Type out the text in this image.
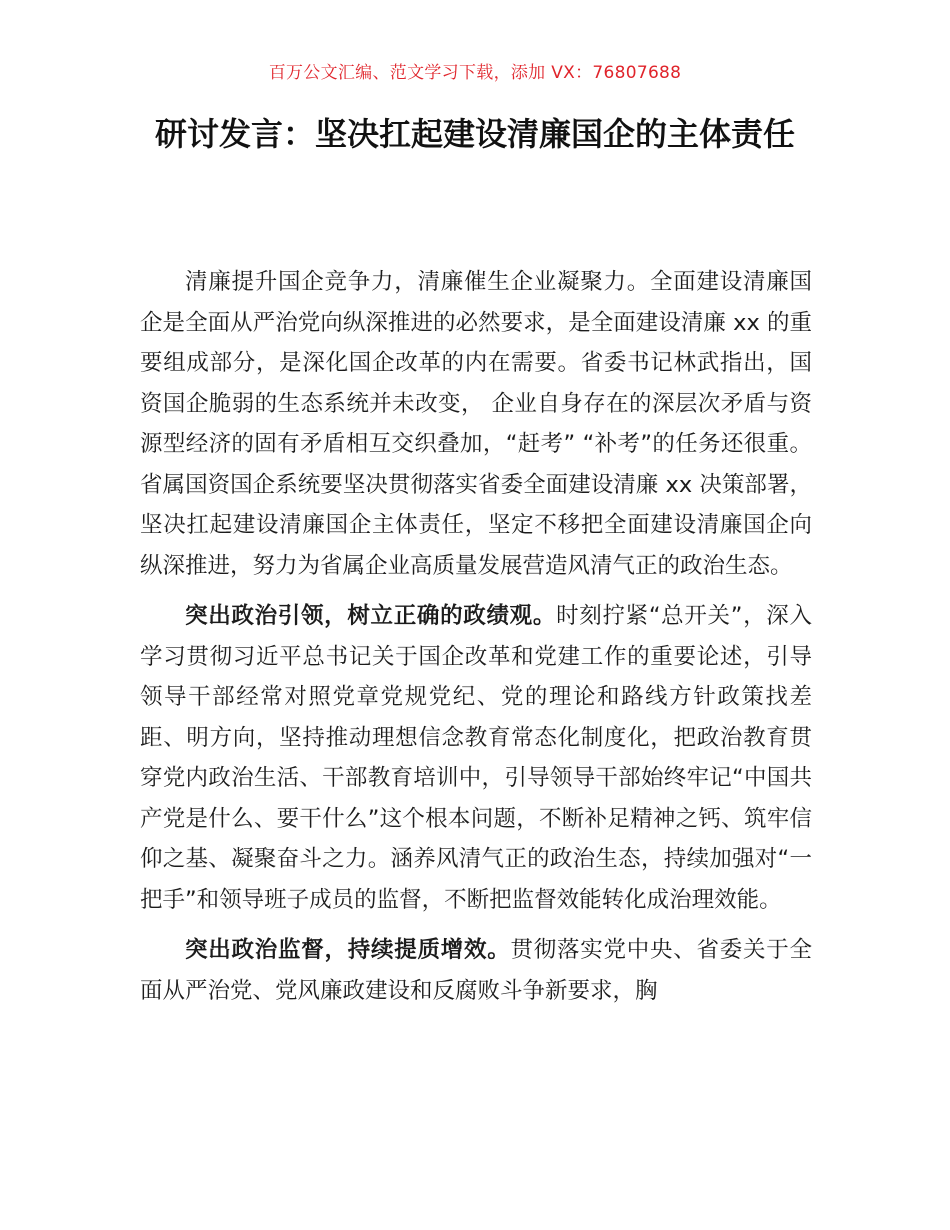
百万公文汇编、范文学习下载，添加 VX：76807688
研讨发言：坚决扛起建设清廉国企的主体责任

清廉提升国企竞争力，清廉催生企业凝聚力。全面建设清廉国企是全面从严治党向纵深推进的必然要求，是全面建设清廉 xx 的重要组成部分，是深化国企改革的内在需要。省委书记林武指出，国资国企脆弱的生态系统并未改变， 企业自身存在的深层次矛盾与资源型经济的固有矛盾相互交织叠加，“赶考” “补考”的任务还很重。省属国资国企系统要坚决贯彻落实省委全面建设清廉 xx 决策部署，坚决扛起建设清廉国企主体责任，坚定不移把全面建设清廉国企向纵深推进，努力为省属企业高质量发展营造风清气正的政治生态。

突出政治引领，树立正确的政绩观。时刻拧紧“总开关”，深入学习贯彻习近平总书记关于国企改革和党建工作的重要论述，引导领导干部经常对照党章党规党纪、党的理论和路线方针政策找差距、明方向，坚持推动理想信念教育常态化制度化，把政治教育贯穿党内政治生活、干部教育培训中，引导领导干部始终牢记“中国共产党是什么、要干什么”这个根本问题，不断补足精神之钙、筑牢信仰之基、凝聚奋斗之力。涵养风清气正的政治生态，持续加强对“一把手”和领导班子成员的监督，不断把监督效能转化成治理效能。

突出政治监督，持续提质增效。贯彻落实党中央、省委关于全面从严治党、党风廉政建设和反腐败斗争新要求，胸
